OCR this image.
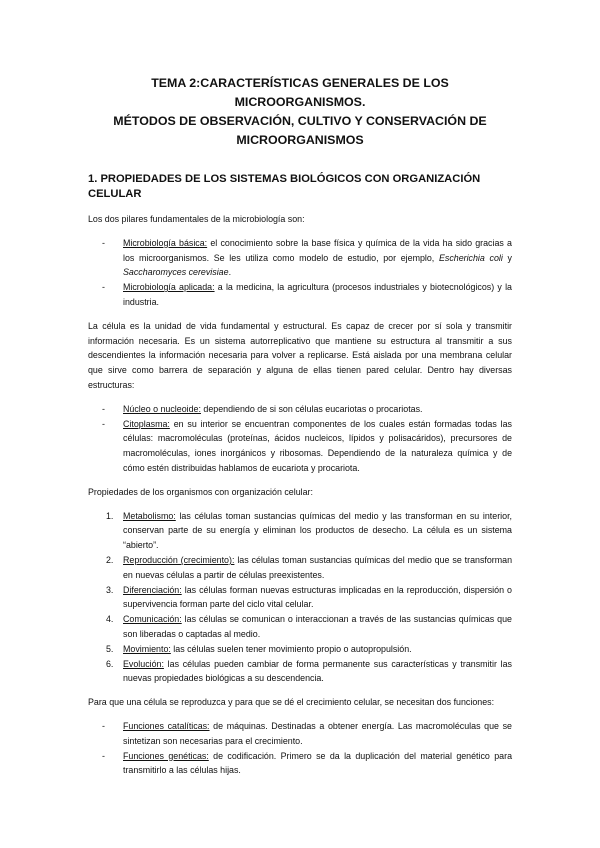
TEMA 2:CARACTERÍSTICAS GENERALES DE LOS MICROORGANISMOS.
MÉTODOS DE OBSERVACIÓN, CULTIVO Y CONSERVACIÓN DE
MICROORGANISMOS
1. PROPIEDADES DE LOS SISTEMAS BIOLÓGICOS CON ORGANIZACIÓN CELULAR

Los dos pilares fundamentales de la microbiología son:

- Microbiología básica: el conocimiento sobre la base física y química de la vida ha sido gracias a los microorganismos. Se les utiliza como modelo de estudio, por ejemplo, Escherichia coli y Saccharomyces cerevisiae.
- Microbiología aplicada: a la medicina, la agricultura (procesos industriales y biotecnológicos) y la industria.

La célula es la unidad de vida fundamental y estructural. Es capaz de crecer por sí sola y transmitir información necesaria. Es un sistema autorreplicativo que mantiene su estructura al transmitir a sus descendientes la información necesaria para volver a replicarse. Está aislada por una membrana celular que sirve como barrera de separación y alguna de ellas tienen pared celular. Dentro hay diversas estructuras:

- Núcleo o nucleoide: dependiendo de si son células eucariotas o procariotas.
- Citoplasma: en su interior se encuentran componentes de los cuales están formadas todas las células: macromoléculas (proteínas, ácidos nucleicos, lípidos y polisacáridos), precursores de macromoléculas, iones inorgánicos y ribosomas. Dependiendo de la naturaleza química y de cómo estén distribuidas hablamos de eucariota y procariota.

Propiedades de los organismos con organización celular:

1. Metabolismo: las células toman sustancias químicas del medio y las transforman en su interior, conservan parte de su energía y eliminan los productos de desecho. La célula es un sistema “abierto”.
2. Reproducción (crecimiento): las células toman sustancias químicas del medio que se transforman en nuevas células a partir de células preexistentes.
3. Diferenciación: las células forman nuevas estructuras implicadas en la reproducción, dispersión o supervivencia forman parte del ciclo vital celular.
4. Comunicación: las células se comunican o interaccionan a través de las sustancias químicas que son liberadas o captadas al medio.
5. Movimiento: las células suelen tener movimiento propio o autopropulsión.
6. Evolución: las células pueden cambiar de forma permanente sus características y transmitir las nuevas propiedades biológicas a su descendencia.

Para que una célula se reproduzca y para que se dé el crecimiento celular, se necesitan dos funciones:

- Funciones catalíticas: de máquinas. Destinadas a obtener energía. Las macromoléculas que se sintetizan son necesarias para el crecimiento.
- Funciones genéticas: de codificación. Primero se da la duplicación del material genético para transmitirlo a las células hijas.
